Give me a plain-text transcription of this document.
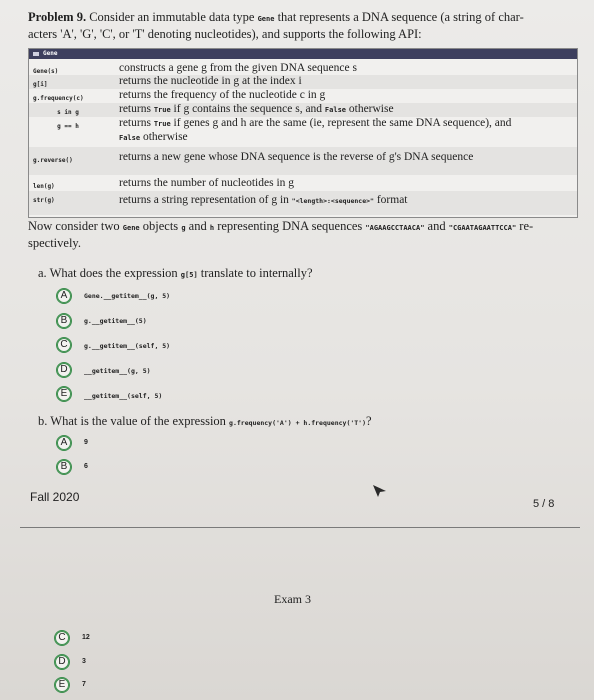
Problem 9. Consider an immutable data type Gene that represents a DNA sequence (a string of char-
acters 'A', 'G', 'C', or 'T' denoting nucleotides), and supports the following API:
Gene
Gene(s)	constructs a gene g from the given DNA sequence s
g[i]	returns the nucleotide in g at the index i
g.frequency(c)	returns the frequency of the nucleotide c in g
s in g	returns True if g contains the sequence s, and False otherwise
g == h	returns True if genes g and h are the same (ie, represent the same DNA sequence), and
False otherwise
g.reverse()	returns a new gene whose DNA sequence is the reverse of g's DNA sequence
len(g)	returns the number of nucleotides in g
str(g)	returns a string representation of g in "<length>:<sequence>" format
Now consider two Gene objects g and h representing DNA sequences "AGAAGCCTAACA" and "CGAATAGAATTCCA" re-
spectively.
a. What does the expression g[5] translate to internally?
A	Gene.__getitem__(g, 5)
B	g.__getitem__(5)
C	g.__getitem__(self, 5)
D	__getitem__(g, 5)
E	__getitem__(self, 5)
b. What is the value of the expression g.frequency('A') + h.frequency('T')?
A	9
B	6
Fall 2020	5 / 8
Exam 3
C	12
D	3
E	7
